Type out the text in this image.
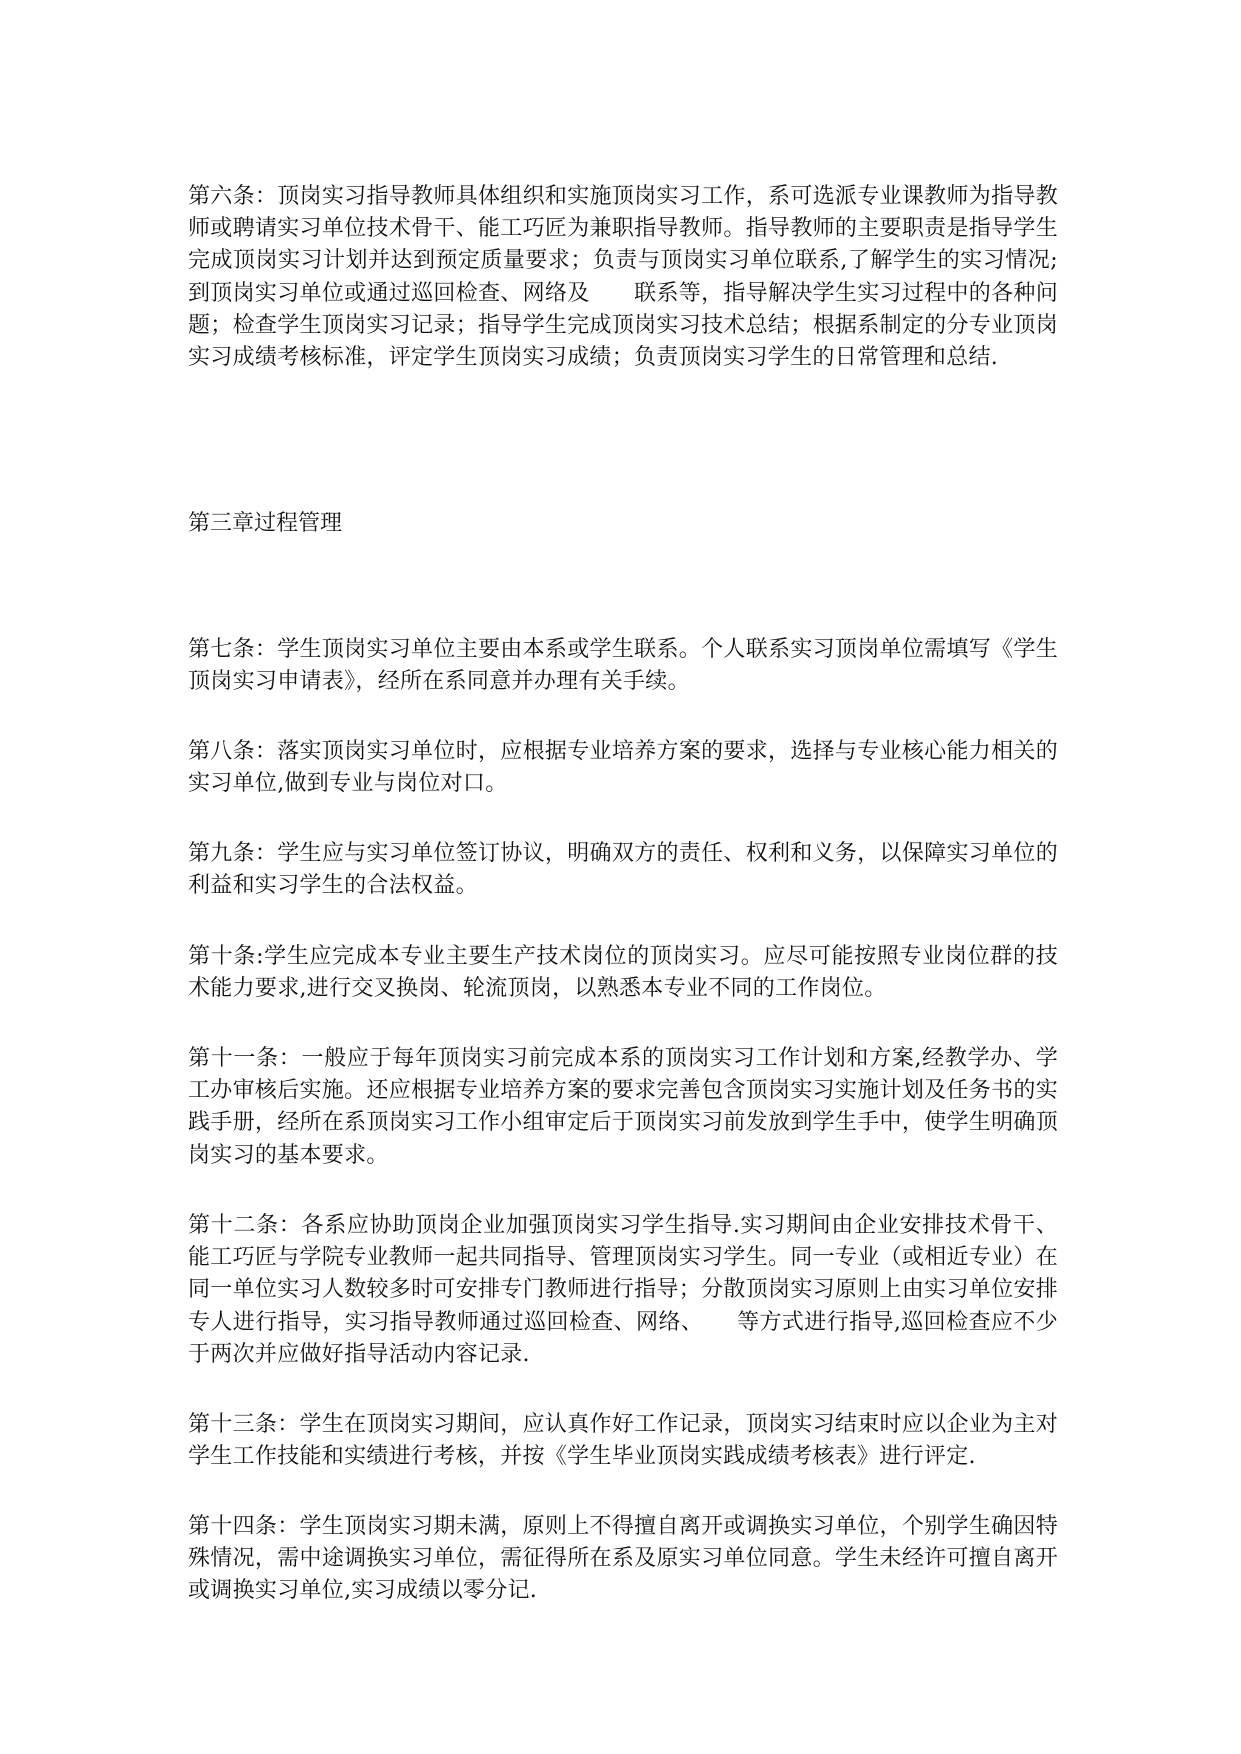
第六条：顶岗实习指导教师具体组织和实施顶岗实习工作，系可选派专业课教师为指导教师或聘请实习单位技术骨干、能工巧匠为兼职指导教师。指导教师的主要职责是指导学生完成顶岗实习计划并达到预定质量要求；负责与顶岗实习单位联系,了解学生的实习情况;到顶岗实习单位或通过巡回检查、网络及　　联系等，指导解决学生实习过程中的各种问题；检查学生顶岗实习记录；指导学生完成顶岗实习技术总结；根据系制定的分专业顶岗实习成绩考核标准，评定学生顶岗实习成绩；负责顶岗实习学生的日常管理和总结.

第三章过程管理

第七条：学生顶岗实习单位主要由本系或学生联系。个人联系实习顶岗单位需填写《学生顶岗实习申请表》，经所在系同意并办理有关手续。

第八条：落实顶岗实习单位时，应根据专业培养方案的要求，选择与专业核心能力相关的实习单位,做到专业与岗位对口。

第九条：学生应与实习单位签订协议，明确双方的责任、权利和义务，以保障实习单位的利益和实习学生的合法权益。

第十条:学生应完成本专业主要生产技术岗位的顶岗实习。应尽可能按照专业岗位群的技术能力要求,进行交叉换岗、轮流顶岗，以熟悉本专业不同的工作岗位。

第十一条：一般应于每年顶岗实习前完成本系的顶岗实习工作计划和方案,经教学办、学工办审核后实施。还应根据专业培养方案的要求完善包含顶岗实习实施计划及任务书的实践手册，经所在系顶岗实习工作小组审定后于顶岗实习前发放到学生手中，使学生明确顶岗实习的基本要求。

第十二条：各系应协助顶岗企业加强顶岗实习学生指导.实习期间由企业安排技术骨干、能工巧匠与学院专业教师一起共同指导、管理顶岗实习学生。同一专业（或相近专业）在同一单位实习人数较多时可安排专门教师进行指导；分散顶岗实习原则上由实习单位安排专人进行指导，实习指导教师通过巡回检查、网络、　　等方式进行指导,巡回检查应不少于两次并应做好指导活动内容记录.

第十三条：学生在顶岗实习期间，应认真作好工作记录，顶岗实习结束时应以企业为主对学生工作技能和实绩进行考核，并按《学生毕业顶岗实践成绩考核表》进行评定.

第十四条：学生顶岗实习期未满，原则上不得擅自离开或调换实习单位，个别学生确因特殊情况，需中途调换实习单位，需征得所在系及原实习单位同意。学生未经许可擅自离开或调换实习单位,实习成绩以零分记.
